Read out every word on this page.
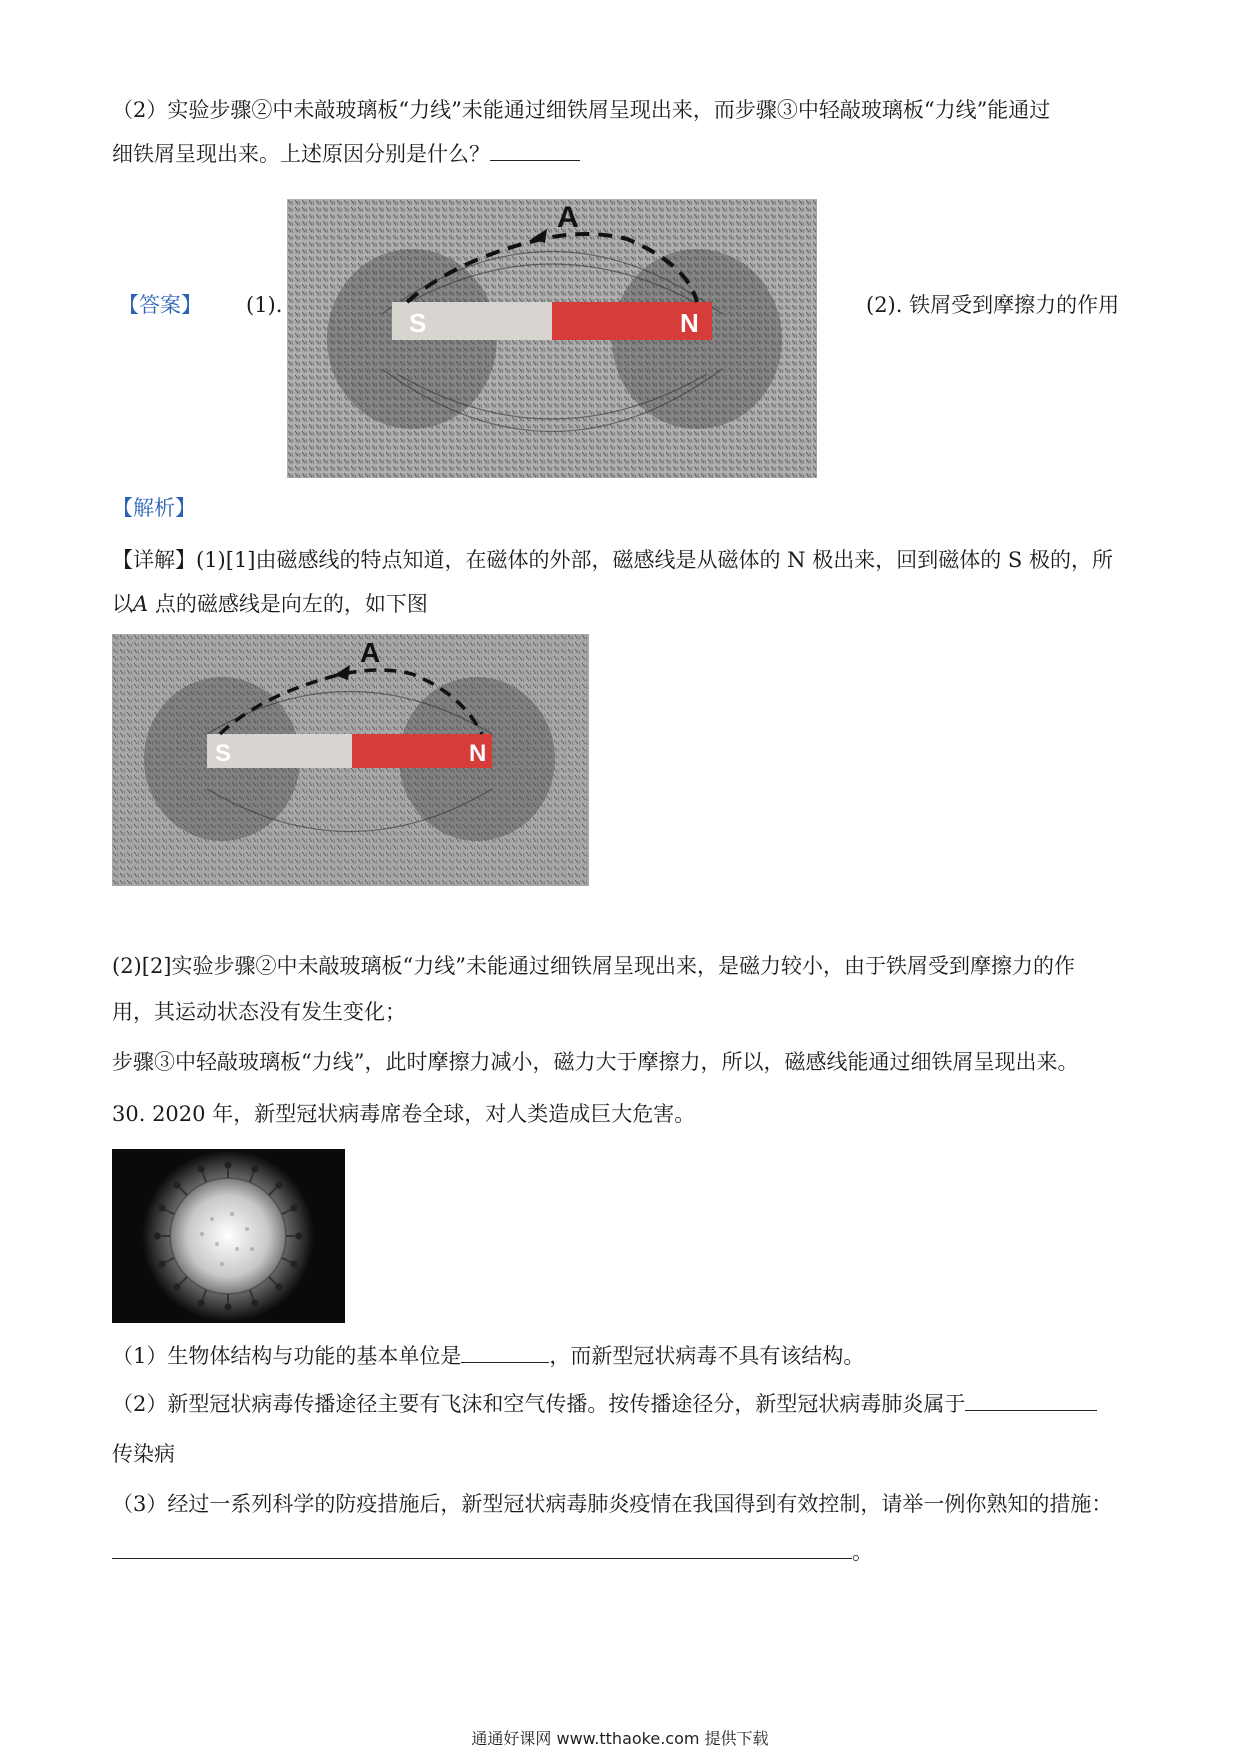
（2）实验步骤②中未敲玻璃板“力线”未能通过细铁屑呈现出来，而步骤③中轻敲玻璃板“力线”能通过
细铁屑呈现出来。上述原因分别是什么？
【答案】 (1).	(2). 铁屑受到摩擦力的作用
S	N
A
【解析】
【详解】(1)[1]由磁感线的特点知道，在磁体的外部，磁感线是从磁体的 N 极出来，回到磁体的 S 极的，所
以A 点的磁感线是向左的，如下图
S	N
A
(2)[2]实验步骤②中未敲玻璃板“力线”未能通过细铁屑呈现出来，是磁力较小，由于铁屑受到摩擦力的作
用，其运动状态没有发生变化；
步骤③中轻敲玻璃板“力线”，此时摩擦力减小，磁力大于摩擦力，所以，磁感线能通过细铁屑呈现出来。
30. 2020 年，新型冠状病毒席卷全球，对人类造成巨大危害。
（1）生物体结构与功能的基本单位是	，而新型冠状病毒不具有该结构。
（2）新型冠状病毒传播途径主要有飞沫和空气传播。按传播途径分，新型冠状病毒肺炎属于
传染病
（3）经过一系列科学的防疫措施后，新型冠状病毒肺炎疫情在我国得到有效控制，请举一例你熟知的措施：
。
通通好课网 www.tthaoke.com 提供下载
